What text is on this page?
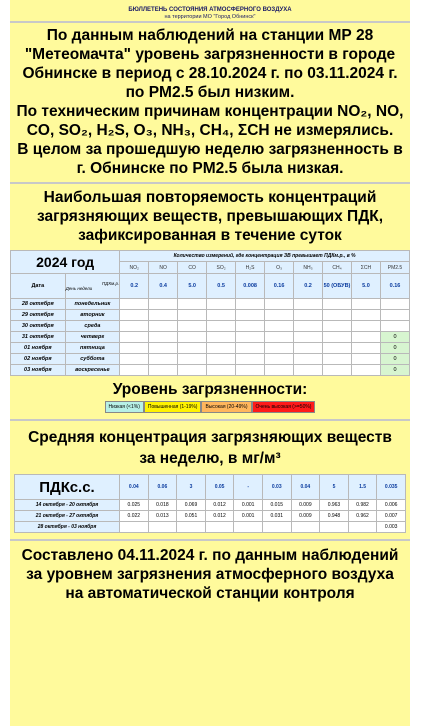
БЮЛЛЕТЕНЬ СОСТОЯНИЯ АТМОСФЕРНОГО ВОЗДУХА
на территории МО "Город Обнинск"
По данным наблюдений на станции МР 28 "Метеомачта" уровень загрязненности в городе Обнинске в период с 28.10.2024 г. по 03.11.2024 г. по PM2.5 был низким.
По техническим причинам концентрации NO₂, NO, CO, SO₂, H₂S, O₃, NH₃, CH₄, ΣCH не измерялись.
В целом за прошедшую неделю загрязненность в г. Обнинске по PM2.5 была низкая.
Наибольшая повторяемость концентраций загрязняющих веществ, превышающих ПДК, зафиксированная в течение суток
2024 год		Количество измерений, где концентрация ЗВ превышает ПДКм.р., в %									
		NO₂	NO	CO	SO₂	H₂S	O₃	NH₃	CH₄	ΣCH	PM2.5
Дата	ПДКм.р.
День недели	0.2	0.4	5.0	0.5	0.008	0.16	0.2	50 (ОБУВ)	5.0	0.16
28 октября	понедельник										
29 октября	вторник										
30 октября	среда										
31 октября	четверг										0
01 ноября	пятница										0
02 ноября	суббота										0
03 ноября	воскресенье										0
Уровень загрязненности:
Низкая (<1%)	Повышенная (1-19%)	Высокая (20-49%)	Очень высокая (>=50%)
Средняя концентрация загрязняющих веществ за неделю, в мг/м³
ПДКс.с.	0.04	0.06	3	0.05	-	0.03	0.04	5	1.5	0.035
14 октября - 20 октября	0.025	0.018	0.069	0.012	0.001	0.015	0.009	0.963	0.982	0.006
21 октября - 27 октября	0.022	0.013	0.051	0.012	0.001	0.031	0.009	0.948	0.962	0.007
28 октября - 03 ноября										0.003
Составлено 04.11.2024 г. по данным наблюдений за уровнем загрязнения атмосферного воздуха на автоматической станции контроля
